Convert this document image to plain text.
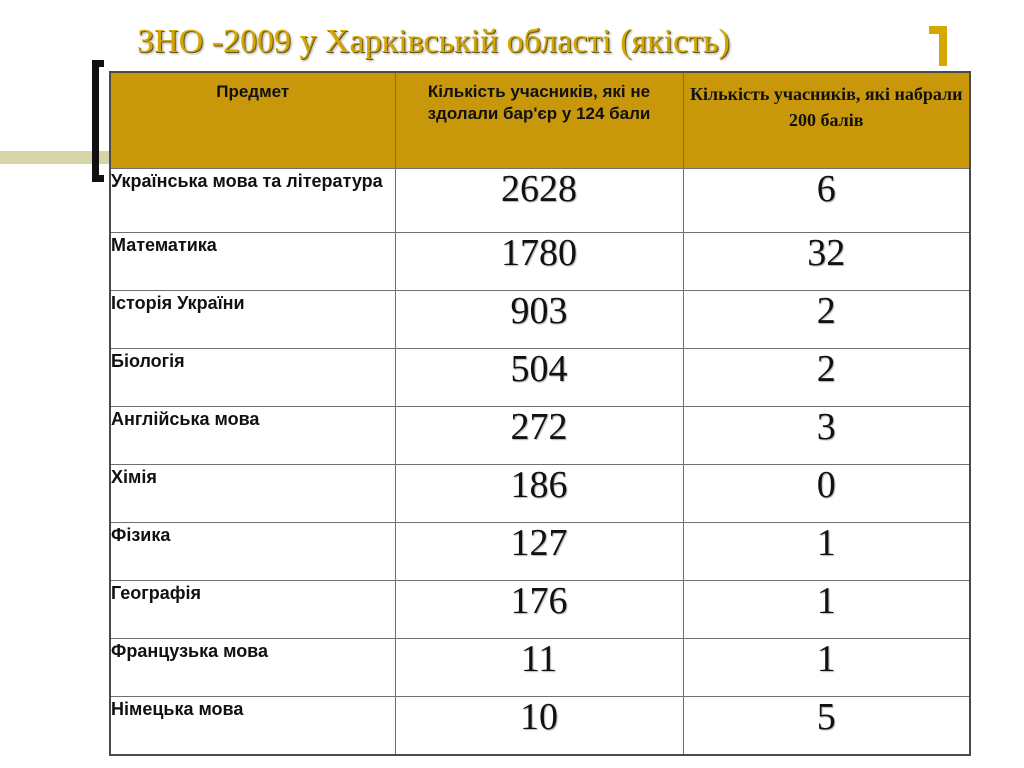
ЗНО -2009 у Харківській області (якість)
Предмет	Кількість учасників, які не здолали бар'єр у 124 бали	Кількість учасників, які набрали
200 балів

Українська мова та література	2628	6
Математика	1780	32
Історія України	903	2
Біологія	504	2
Англійська мова	272	3
Хімія	186	0
Фізика	127	1
Географія	176	1
Французька мова	11	1
Німецька мова	10	5
